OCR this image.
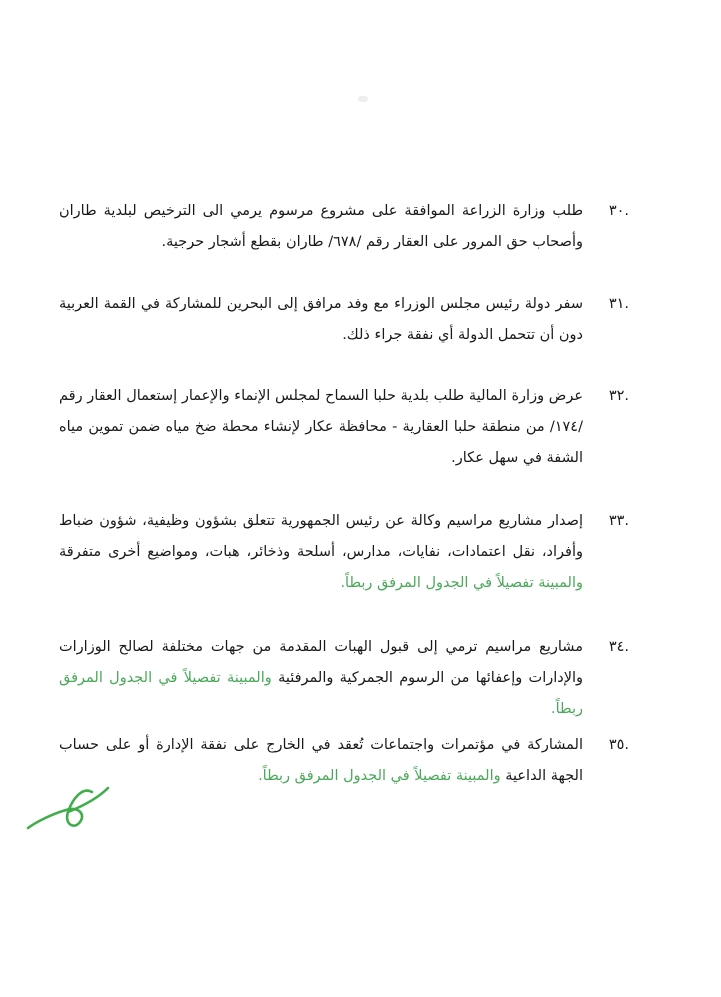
.٣٠
طلب وزارة الزراعة الموافقة على مشروع مرسوم يرمي الى الترخيص لبلدية طاران وأصحاب حق المرور على العقار رقم /٦٧٨/ طاران بقطع أشجار حرجية.
.٣١
سفر دولة رئيس مجلس الوزراء مع وفد مرافق إلى البحرين للمشاركة في القمة العربية دون أن تتحمل الدولة أي نفقة جراء ذلك.
.٣٢
عرض وزارة المالية طلب بلدية حلبا السماح لمجلس الإنماء والإعمار إستعمال العقار رقم /١٧٤/ من منطقة حلبا العقارية - محافظة عكار لإنشاء محطة ضخ مياه ضمن تموين مياه الشفة في سهل عكار.
.٣٣
إصدار مشاريع مراسيم وكالة عن رئيس الجمهورية تتعلق بشؤون وظيفية، شؤون ضباط وأفراد، نقل اعتمادات، نفايات، مدارس، أسلحة وذخائر، هبات، ومواضيع أخرى متفرقة والمبينة تفصيلاً في الجدول المرفق ربطاً.
.٣٤
مشاريع مراسيم ترمي إلى قبول الهبات المقدمة من جهات مختلفة لصالح الوزارات والإدارات وإعفائها من الرسوم الجمركية والمرفئية والمبينة تفصيلاً في الجدول المرفق ربطاً.
.٣٥
المشاركة في مؤتمرات واجتماعات تُعقد في الخارج على نفقة الإدارة أو على حساب الجهة الداعية والمبينة تفصيلاً في الجدول المرفق ربطاً.
